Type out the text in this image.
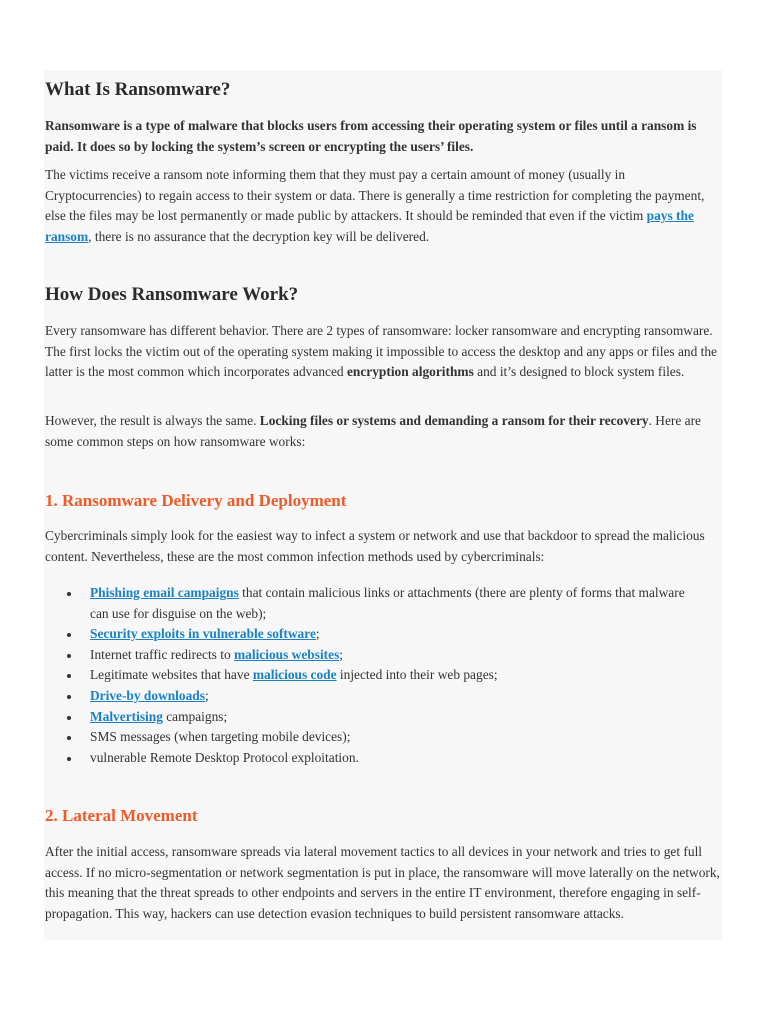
What Is Ransomware?

Ransomware is a type of malware that blocks users from accessing their operating system or files until a ransom is paid. It does so by locking the system’s screen or encrypting the users’ files.

The victims receive a ransom note informing them that they must pay a certain amount of money (usually in Cryptocurrencies) to regain access to their system or data. There is generally a time restriction for completing the payment, else the files may be lost permanently or made public by attackers. It should be reminded that even if the victim pays the ransom, there is no assurance that the decryption key will be delivered.

How Does Ransomware Work?

Every ransomware has different behavior. There are 2 types of ransomware: locker ransomware and encrypting ransomware. The first locks the victim out of the operating system making it impossible to access the desktop and any apps or files and the latter is the most common which incorporates advanced encryption algorithms and it’s designed to block system files.

However, the result is always the same. Locking files or systems and demanding a ransom for their recovery. Here are some common steps on how ransomware works:

1. Ransomware Delivery and Deployment

Cybercriminals simply look for the easiest way to infect a system or network and use that backdoor to spread the malicious content. Nevertheless, these are the most common infection methods used by cybercriminals:

Phishing email campaigns that contain malicious links or attachments (there are plenty of forms that malware can use for disguise on the web);
Security exploits in vulnerable software;
Internet traffic redirects to malicious websites;
Legitimate websites that have malicious code injected into their web pages;
Drive-by downloads;
Malvertising campaigns;
SMS messages (when targeting mobile devices);
vulnerable Remote Desktop Protocol exploitation.
2. Lateral Movement

After the initial access, ransomware spreads via lateral movement tactics to all devices in your network and tries to get full access. If no micro-segmentation or network segmentation is put in place, the ransomware will move laterally on the network, this meaning that the threat spreads to other endpoints and servers in the entire IT environment, therefore engaging in self-propagation. This way, hackers can use detection evasion techniques to build persistent ransomware attacks.
